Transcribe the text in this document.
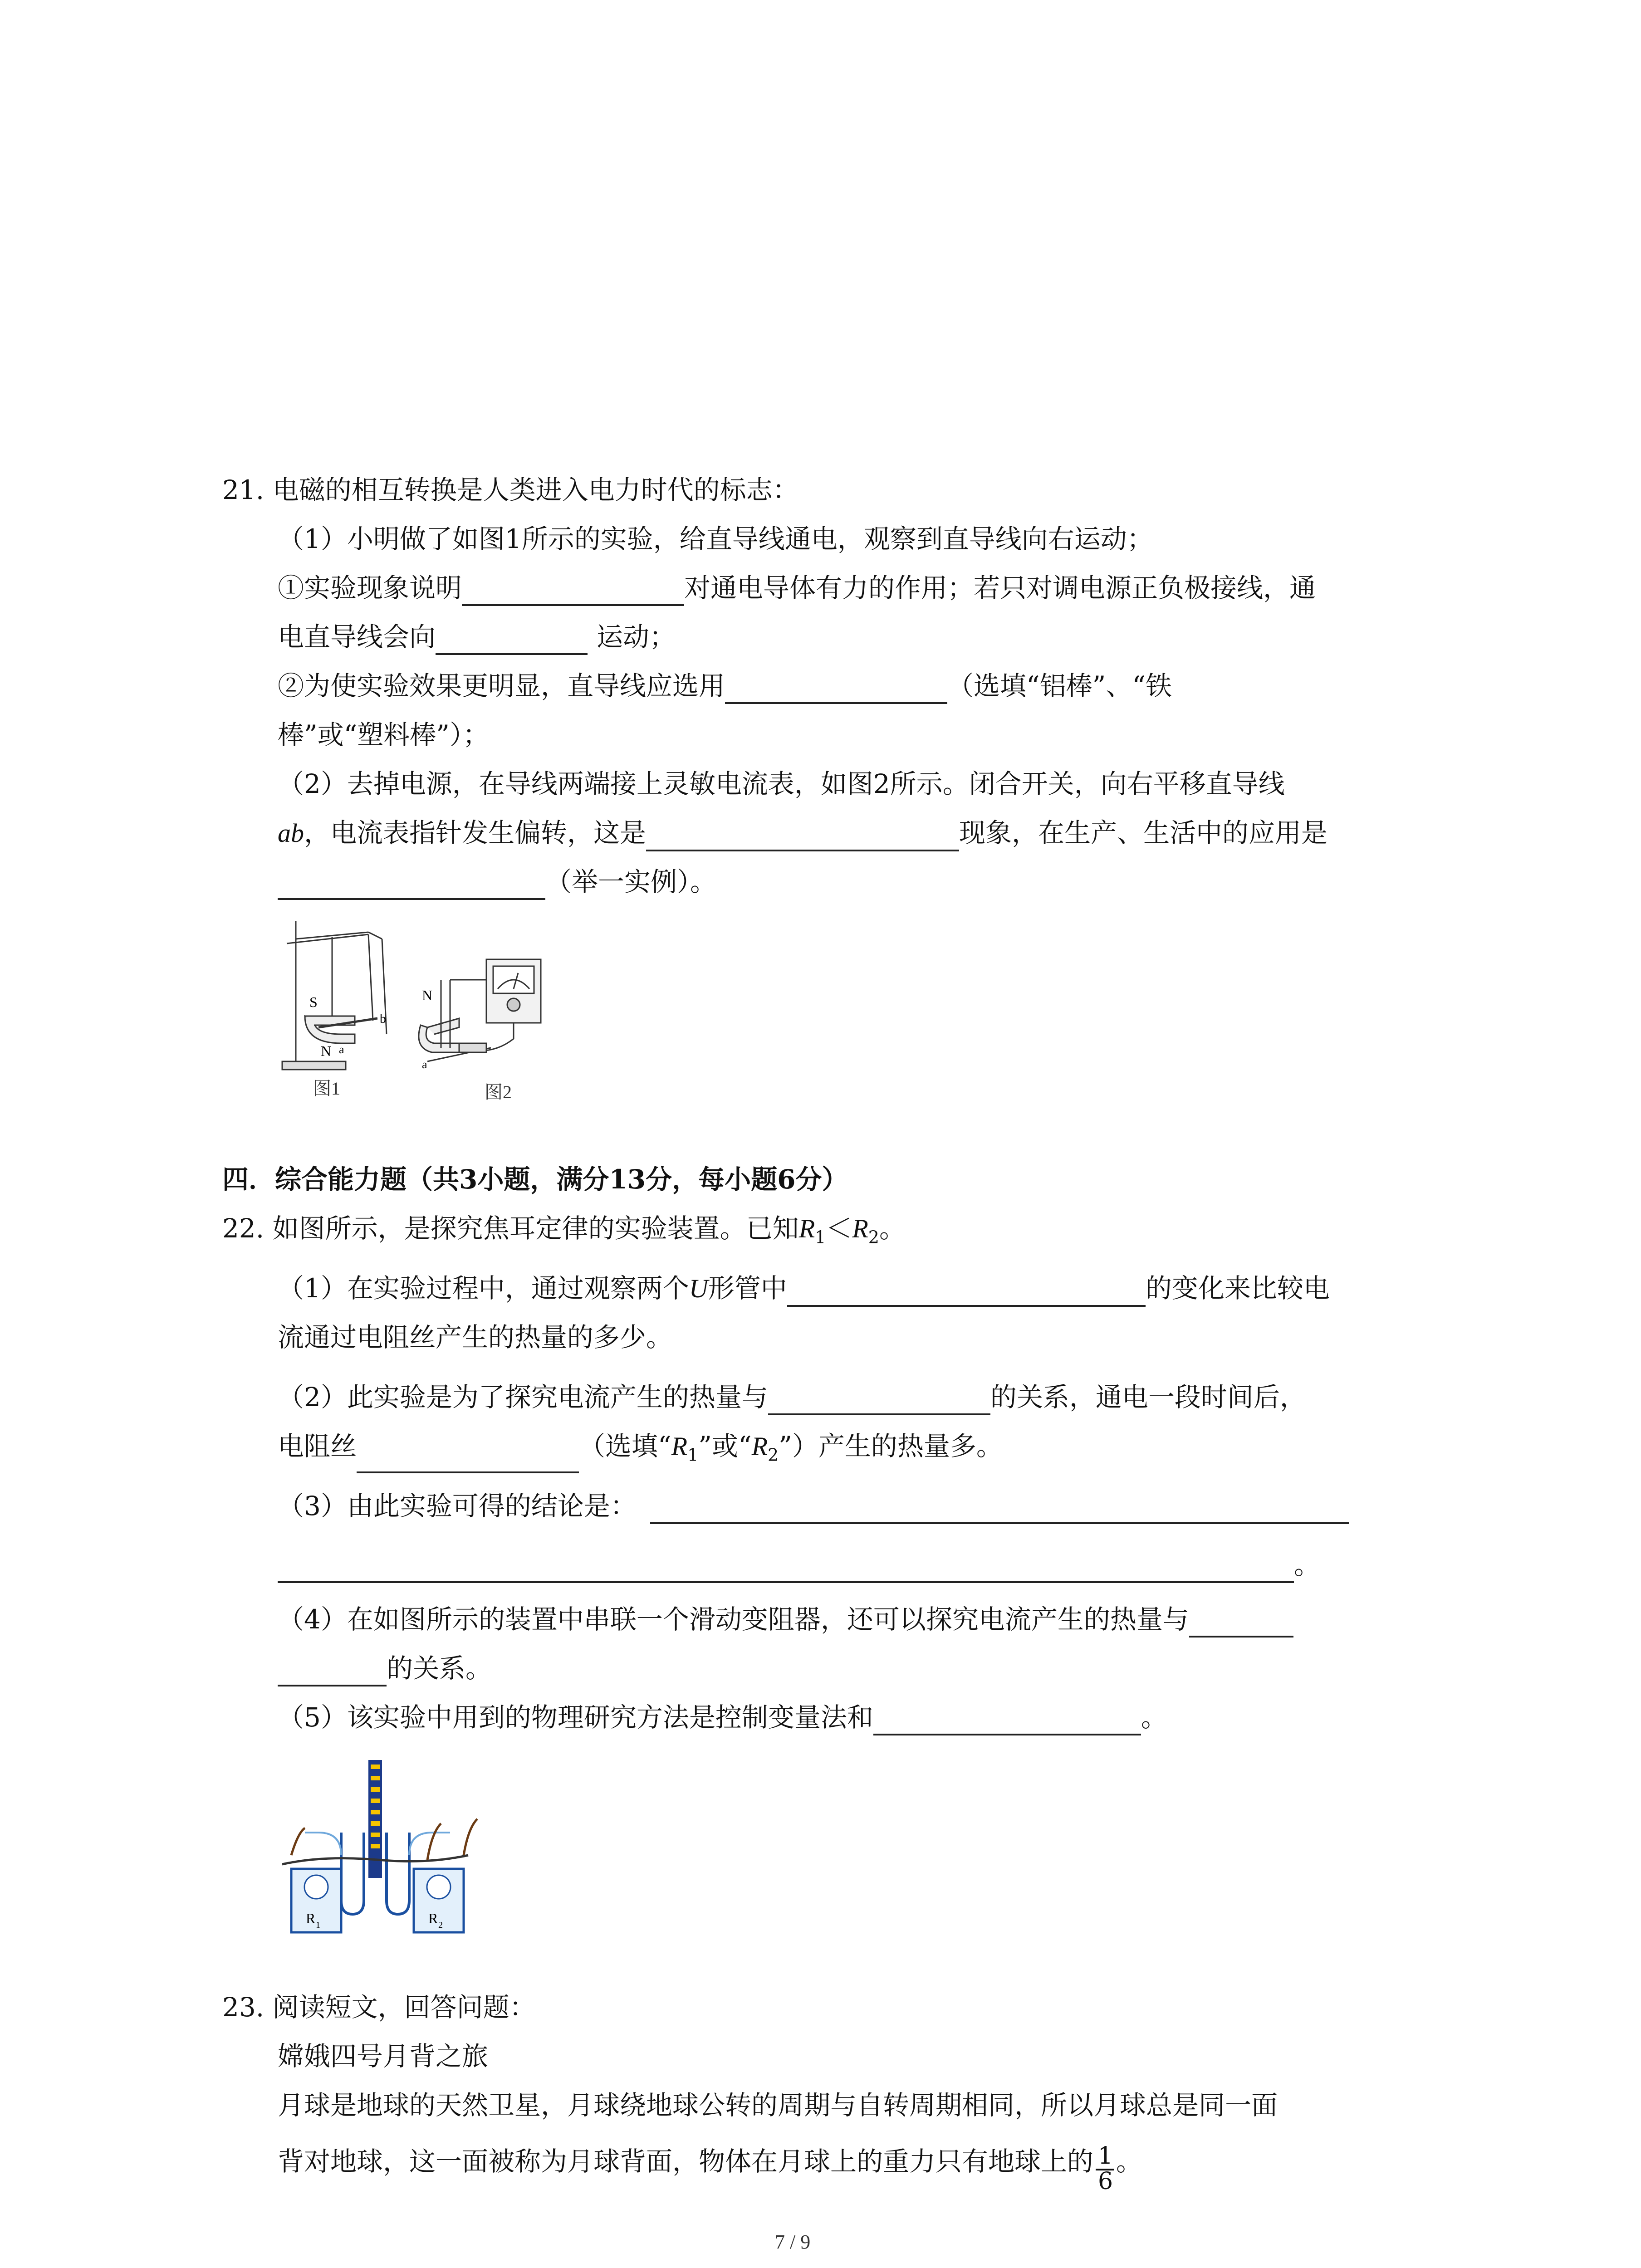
21. 电磁的相互转换是人类进入电力时代的标志：
（1）小明做了如图1所示的实验，给直导线通电，观察到直导线向右运动；
①实验现象说明	对通电导体有力的作用；若只对调电源正负极接线，通
电直导线会向	运动；
②为使实验效果更明显，直导线应选用	（选填“铝棒”、“铁
棒”或“塑料棒”）；
（2）去掉电源，在导线两端接上灵敏电流表，如图2所示。闭合开关，向右平移直导线
ab，电流表指针发生偏转，这是	现象，在生产、生活中的应用是
（举一实例）。
S
N
b
a
N
a
图1	图2
四．综合能力题（共3小题，满分13分，每小题6分）
22. 如图所示，是探究焦耳定律的实验装置。已知$R_1<R_2$。
（1）在实验过程中，通过观察两个U形管中	的变化来比较电
流通过电阻丝产生的热量的多少。
（2）此实验是为了探究电流产生的热量与	的关系，通电一段时间后，
电阻丝	（选填“$R_1$”或“$R_2$”）产生的热量多。
（3）由此实验可得的结论是：
。
（4）在如图所示的装置中串联一个滑动变阻器，还可以探究电流产生的热量与
的关系。
（5）该实验中用到的物理研究方法是控制变量法和	。
R 1	R 2
23. 阅读短文，回答问题：
嫦娥四号月背之旅
月球是地球的天然卫星，月球绕地球公转的周期与自转周期相同，所以月球总是同一面
背对地球，这一面被称为月球背面，物体在月球上的重力只有地球上的 1
6
。
7 / 9
